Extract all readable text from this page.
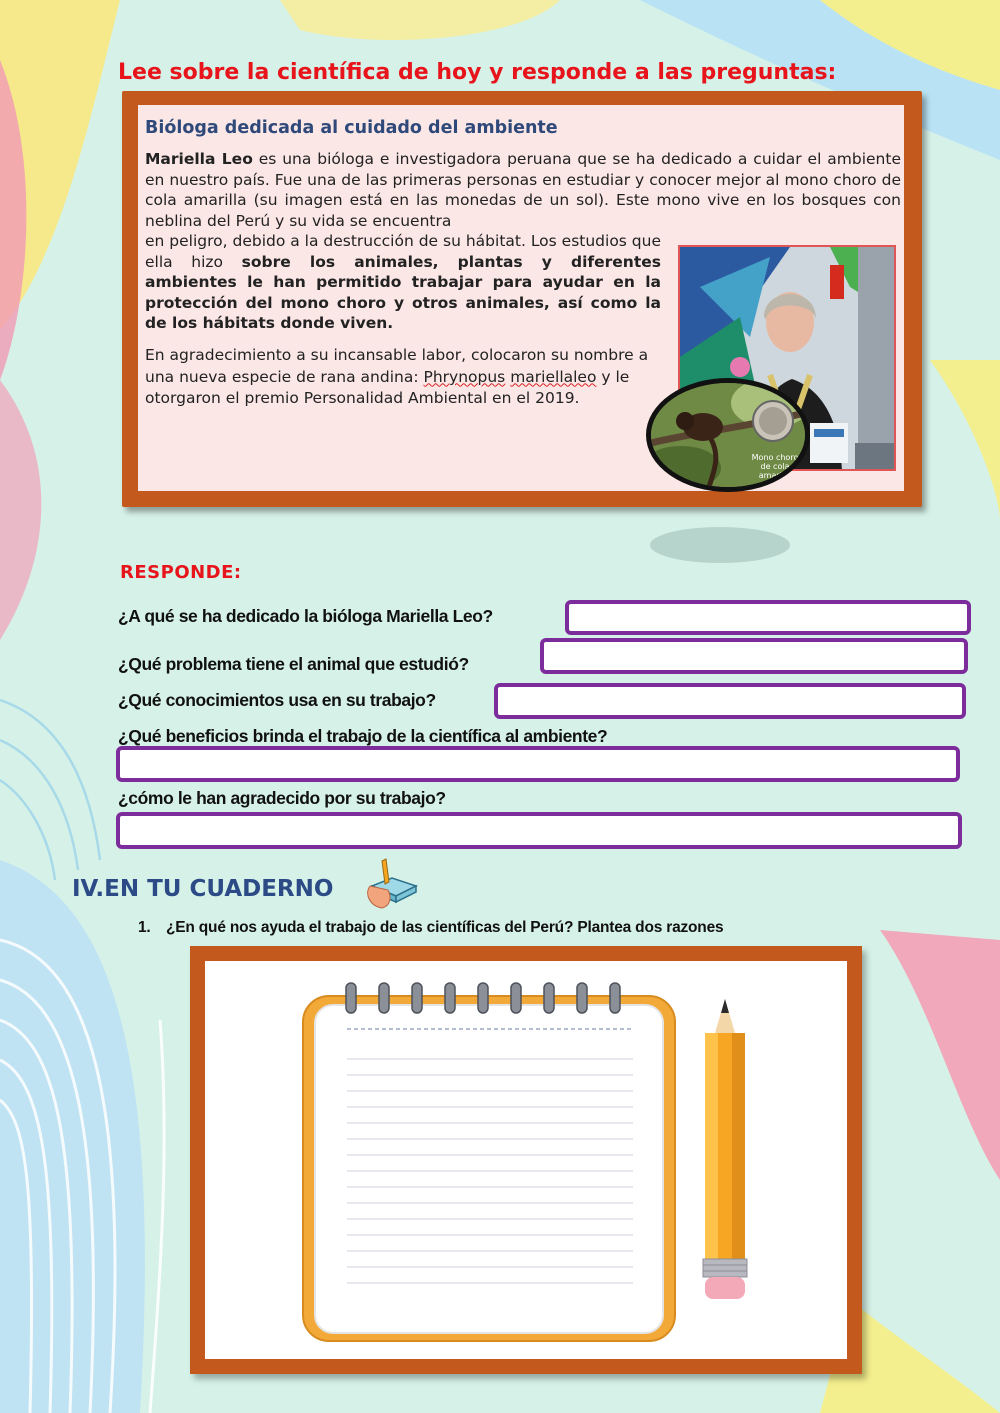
Lee sobre la científica de hoy y responde a las preguntas:
Bióloga dedicada al cuidado del ambiente
Mariella Leo es una bióloga e investigadora peruana que se ha dedicado a cuidar el ambiente en nuestro país. Fue una de las primeras personas en estudiar y conocer mejor al mono choro de cola amarilla (su imagen está en las monedas de un sol). Este mono vive en los bosques con neblina del Perú y su vida se encuentra
en peligro, debido a la destrucción de su hábitat. Los estudios que ella hizo sobre los animales, plantas y diferentes ambientes le han permitido trabajar para ayudar en la protección del mono choro y otros animales, así como la de los hábitats donde viven.
En agradecimiento a su incansable labor, colocaron su nombre a una nueva especie de rana andina: Phrynopus mariellaleo y le otorgaron el premio Personalidad Ambiental en el 2019.
Mono choro de cola amarilla
RESPONDE:
¿A qué se ha dedicado la bióloga Mariella Leo?
¿Qué problema tiene el animal que estudió?
¿Qué conocimientos usa en su trabajo?
¿Qué beneficios brinda el trabajo de la científica al ambiente?
¿cómo le han agradecido por su trabajo?
IV.EN TU CUADERNO
1. ¿En qué nos ayuda el trabajo de las científicas del Perú? Plantea dos razones
